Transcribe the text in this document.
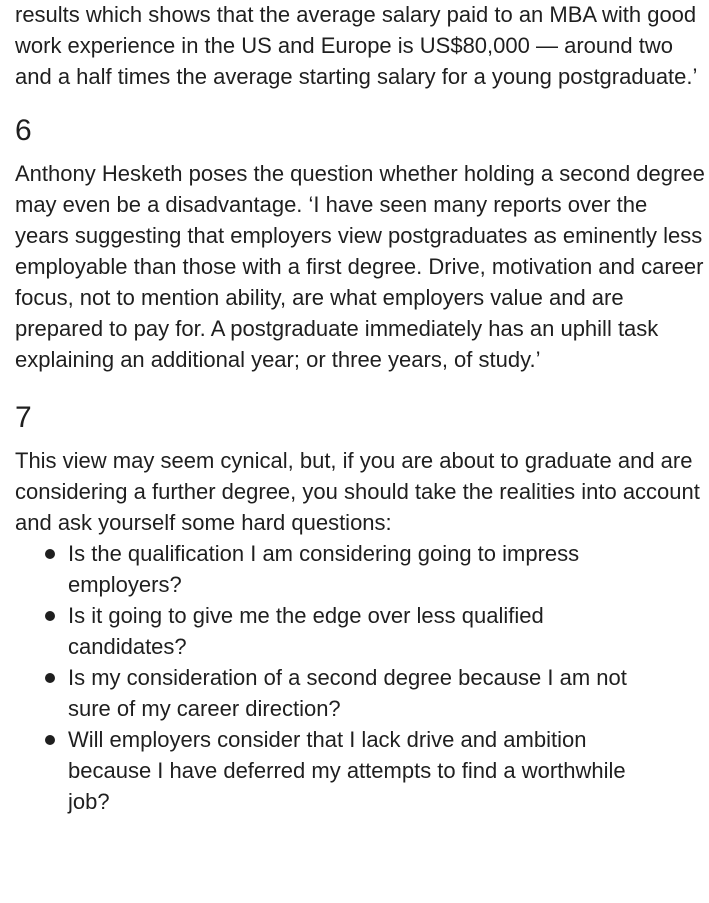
results which shows that the average salary paid to an MBA with good work experience in the US and Europe is US$80,000 — around two and a half times the average starting salary for a young postgraduate.’

6

Anthony Hesketh poses the question whether holding a second degree may even be a disadvantage. ‘I have seen many reports over the years suggesting that employers view postgraduates as eminently less employable than those with a first degree. Drive, motivation and career focus, not to mention ability, are what employers value and are prepared to pay for. A postgraduate immediately has an uphill task explaining an additional year; or three years, of study.’

7

This view may seem cynical, but, if you are about to graduate and are considering a further degree, you should take the realities into account and ask yourself some hard questions:

Is the qualification I am considering going to impress employers?
Is it going to give me the edge over less qualified candidates?
Is my consideration of a second degree because I am not sure of my career direction?
Will employers consider that I lack drive and ambition because I have deferred my attempts to find a worthwhile job?
